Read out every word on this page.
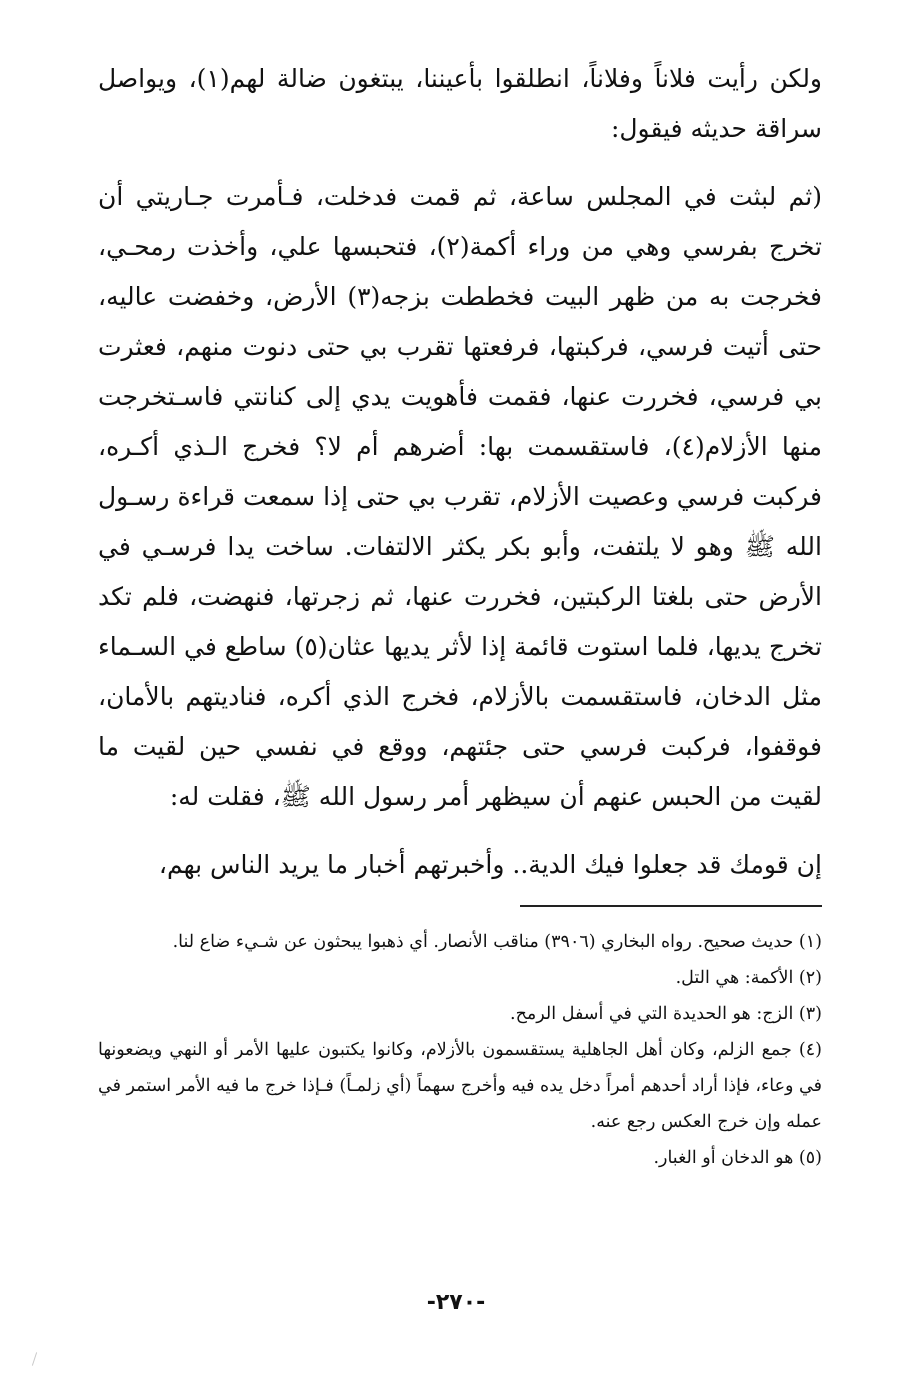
ولكن رأيت فلاناً وفلاناً، انطلقوا بأعيننا، يبتغون ضالة لهم(١)، ويواصل سراقة حديثه فيقول:

(ثم لبثت في المجلس ساعة، ثم قمت فدخلت، فـأمرت جـاريتي أن تخرج بفرسي وهي من وراء أكمة(٢)، فتحبسها علي، وأخذت رمحـي، فخرجت به من ظهر البيت فخططت بزجه(٣) الأرض، وخفضت عاليه، حتى أتيت فرسي، فركبتها، فرفعتها تقرب بي حتى دنوت منهم، فعثرت بي فرسي، فخررت عنها، فقمت فأهويت يدي إلى كنانتي فاسـتخرجت منها الأزلام(٤)، فاستقسمت بها: أضرهم أم لا؟ فخرج الـذي أكـره، فركبت فرسي وعصيت الأزلام، تقرب بي حتى إذا سمعت قراءة رسـول الله ﷺ وهو لا يلتفت، وأبو بكر يكثر الالتفات. ساخت يدا فرسـي في الأرض حتى بلغتا الركبتين، فخررت عنها، ثم زجرتها، فنهضت، فلم تكد تخرج يديها، فلما استوت قائمة إذا لأثر يديها عثان(٥) ساطع في السـماء مثل الدخان، فاستقسمت بالأزلام، فخرج الذي أكره، فناديتهم بالأمان، فوقفوا، فركبت فرسي حتى جئتهم، ووقع في نفسي حين لقيت ما لقيت من الحبس عنهم أن سيظهر أمر رسول الله ﷺ، فقلت له:

إن قومك قد جعلوا فيك الدية.. وأخبرتهم أخبار ما يريد الناس بهم،

(١) حديث صحيح. رواه البخاري (٣٩٠٦) مناقب الأنصار. أي ذهبوا يبحثون عن شـيء ضاع لنا.

(٢) الأكمة: هي التل.

(٣) الزج: هو الحديدة التي في أسفل الرمح.

(٤) جمع الزلم، وكان أهل الجاهلية يستقسمون بالأزلام، وكانوا يكتبون عليها الأمر أو النهي ويضعونها في وعاء، فإذا أراد أحدهم أمراً دخل يده فيه وأخرج سهماً (أي زلمـاً) فـإذا خرج ما فيه الأمر استمر في عمله وإن خرج العكس رجع عنه.

(٥) هو الدخان أو الغبار.

-٢٧٠-
